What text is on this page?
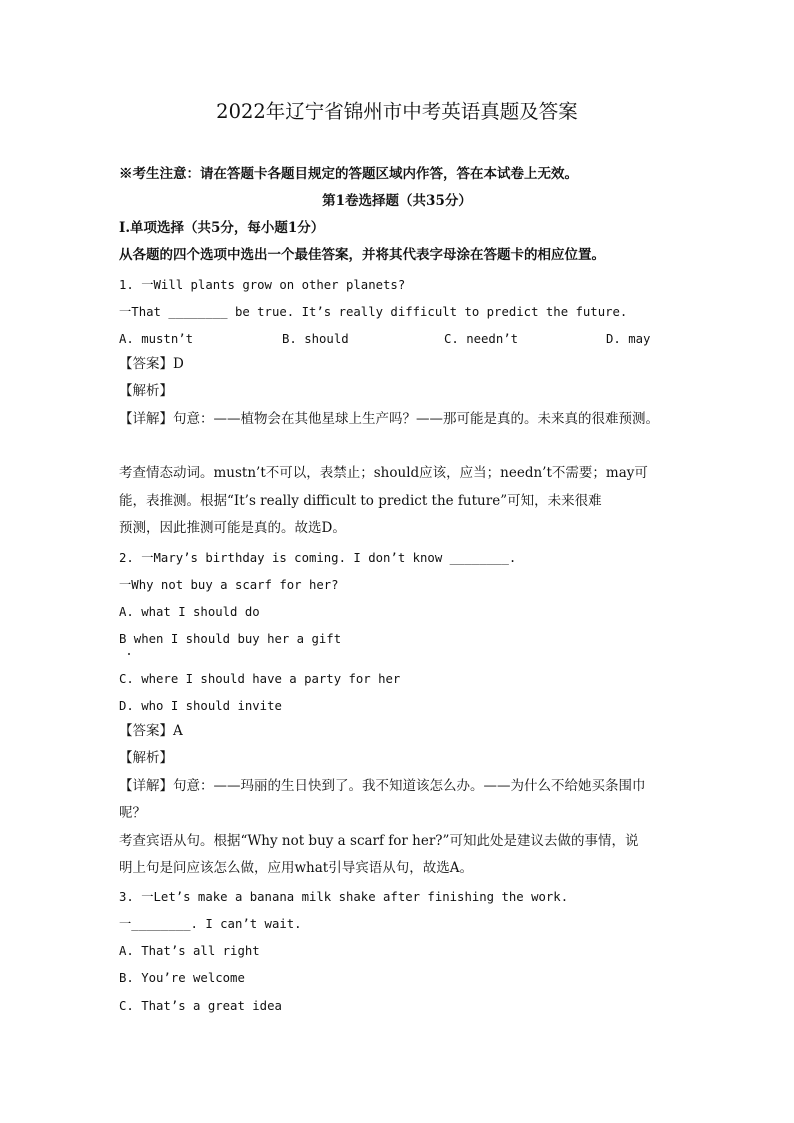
2022年辽宁省锦州市中考英语真题及答案
※考生注意：请在答题卡各题目规定的答题区域内作答，答在本试卷上无效。
第1卷选择题（共35分）
I.单项选择（共5分，每小题1分）
从各题的四个选项中选出一个最佳答案，并将其代表字母涂在答题卡的相应位置。
1. 一Will plants grow on other planets?
一That ________ be true. It’s really difficult to predict the future.
A. mustn’t	B. should	C. needn’t	D. may
【答案】D
【解析】
【详解】句意：——植物会在其他星球上生产吗？——那可能是真的。未来真的很难预测。
考查情态动词。mustn’t不可以，表禁止；should应该，应当；needn’t不需要；may可
能，表推测。根据“It’s really difficult to predict the future”可知，未来很难
预测，因此推测可能是真的。故选D。
2. 一Mary’s birthday is coming. I don’t know ________.
一Why not buy a scarf for her?
A. what I should do
B when I should buy her a gift
C. where I should have a party for her
D. who I should invite
【答案】A
【解析】
【详解】句意：——玛丽的生日快到了。我不知道该怎么办。——为什么不给她买条围巾
呢？
考查宾语从句。根据“Why not buy a scarf for her?”可知此处是建议去做的事情，说
明上句是问应该怎么做，应用what引导宾语从句，故选A。
3. 一Let’s make a banana milk shake after finishing the work.
一________. I can’t wait.
A. That’s all right
B. You’re welcome
C. That’s a great idea
